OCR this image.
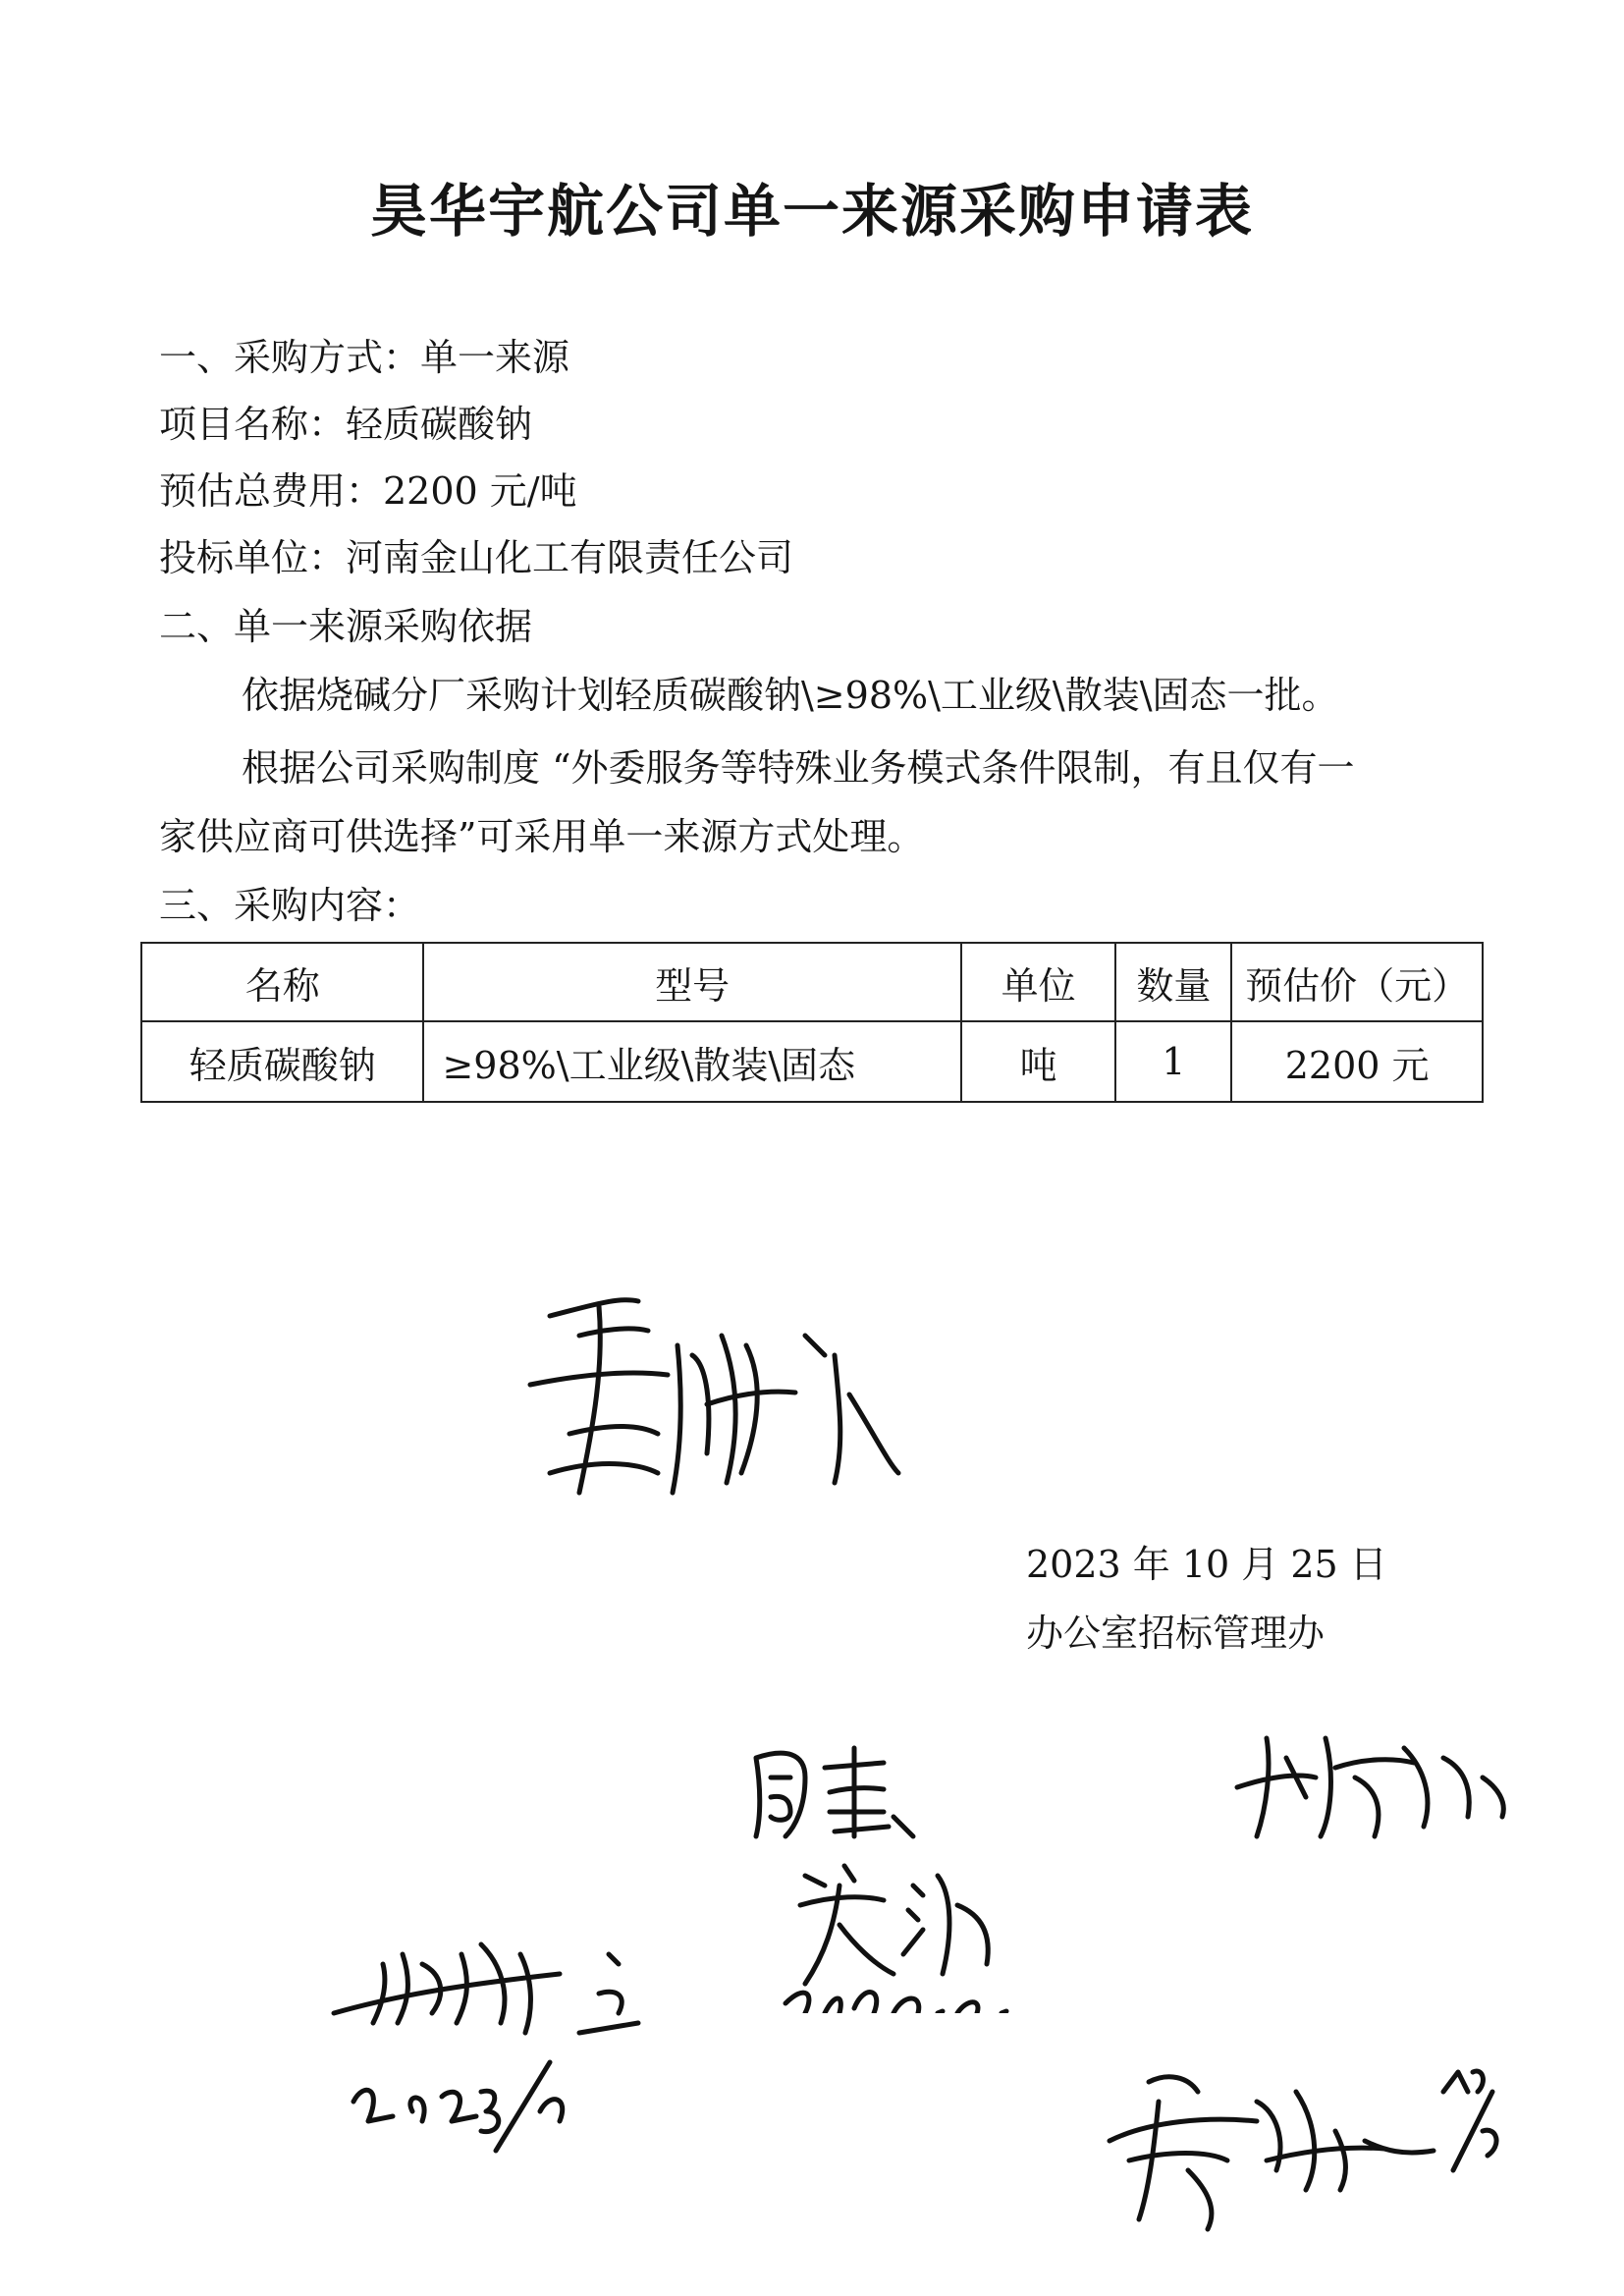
昊华宇航公司单一来源采购申请表
一、采购方式：单一来源
项目名称：轻质碳酸钠
预估总费用：2200 元/吨
投标单位：河南金山化工有限责任公司
二、单一来源采购依据
依据烧碱分厂采购计划轻质碳酸钠\≥98%\工业级\散装\固态一批。
根据公司采购制度 “外委服务等特殊业务模式条件限制，有且仅有一
家供应商可供选择”可采用单一来源方式处理。
三、采购内容：
名称	型号	单位	数量	预估价（元）
轻质碳酸钠	≥98%\工业级\散装\固态	吨	1	2200 元
2023 年 10 月 25 日
办公室招标管理办
